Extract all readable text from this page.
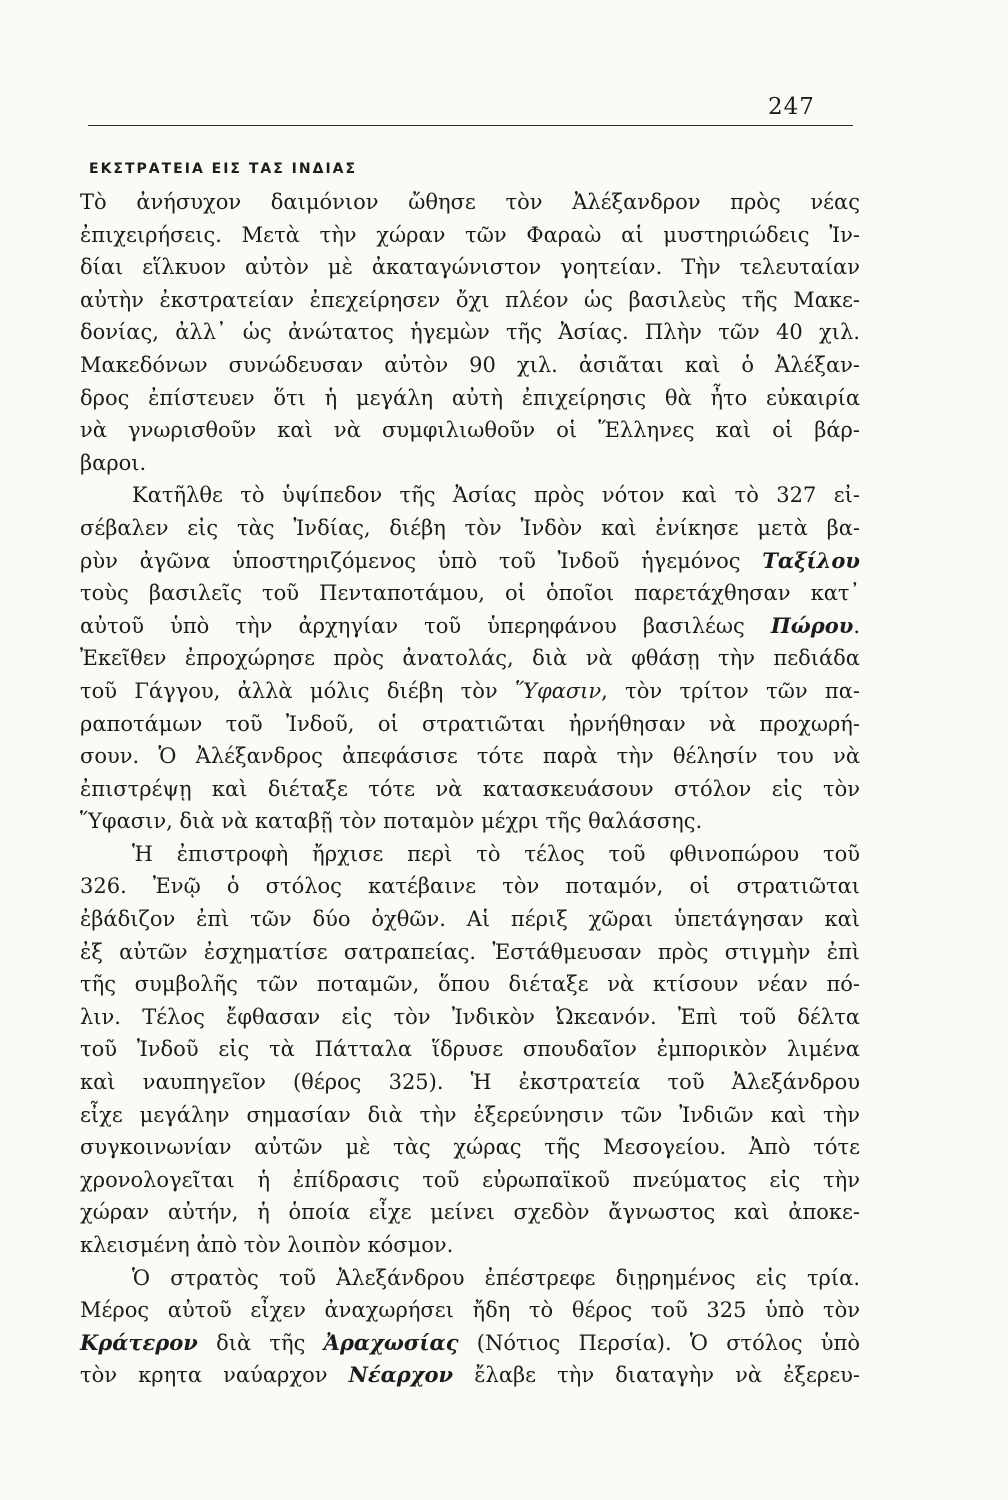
247
ΕΚΣΤΡΑΤΕΙΑ ΕΙΣ ΤΑΣ ΙΝΔΙΑΣ
Τὸ ἀνήσυχον δαιμόνιον ὤθησε τὸν Ἀλέξανδρον πρὸς νέας
ἐπιχειρήσεις. Μετὰ τὴν χώραν τῶν Φαραὼ αἱ μυστηριώδεις Ἰν-
δίαι εἵλκυον αὐτὸν μὲ ἀκαταγώνιστον γοητείαν. Τὴν τελευταίαν
αὐτὴν ἐκστρατείαν ἐπεχείρησεν ὄχι πλέον ὡς βασιλεὺς τῆς Μακε-
δονίας, ἀλλ᾽ ὡς ἀνώτατος ἡγεμὼν τῆς Ἀσίας. Πλὴν τῶν 40 χιλ.
Μακεδόνων συνώδευσαν αὐτὸν 90 χιλ. ἀσιᾶται καὶ ὁ Ἀλέξαν-
δρος ἐπίστευεν ὅτι ἡ μεγάλη αὐτὴ ἐπιχείρησις θὰ ἦτο εὐκαιρία
νὰ γνωρισθοῦν καὶ νὰ συμφιλιωθοῦν οἱ Ἕλληνες καὶ οἱ βάρ-
βαροι.
Κατῆλθε τὸ ὑψίπεδον τῆς Ἀσίας πρὸς νότον καὶ τὸ 327 εἰ-
σέβαλεν εἰς τὰς Ἰνδίας, διέβη τὸν Ἰνδὸν καὶ ἐνίκησε μετὰ βα-
ρὺν ἀγῶνα ὑποστηριζόμενος ὑπὸ τοῦ Ἰνδοῦ ἡγεμόνος Ταξίλου
τοὺς βασιλεῖς τοῦ Πενταποτάμου, οἱ ὁποῖοι παρετάχθησαν κατ᾽
αὐτοῦ ὑπὸ τὴν ἀρχηγίαν τοῦ ὑπερηφάνου βασιλέως Πώρου.
Ἐκεῖθεν ἐπροχώρησε πρὸς ἀνατολάς, διὰ νὰ φθάσῃ τὴν πεδιάδα
τοῦ Γάγγου, ἀλλὰ μόλις διέβη τὸν Ὕφασιν, τὸν τρίτον τῶν πα-
ραποτάμων τοῦ Ἰνδοῦ, οἱ στρατιῶται ἠρνήθησαν νὰ προχωρή-
σουν. Ὁ Ἀλέξανδρος ἀπεφάσισε τότε παρὰ τὴν θέλησίν του νὰ
ἐπιστρέψῃ καὶ διέταξε τότε νὰ κατασκευάσουν στόλον εἰς τὸν
Ὕφασιν, διὰ νὰ καταβῇ τὸν ποταμὸν μέχρι τῆς θαλάσσης.
Ἡ ἐπιστροφὴ ἤρχισε περὶ τὸ τέλος τοῦ φθινοπώρου τοῦ
326. Ἐνῷ ὁ στόλος κατέβαινε τὸν ποταμόν, οἱ στρατιῶται
ἐβάδιζον ἐπὶ τῶν δύο ὀχθῶν. Αἱ πέριξ χῶραι ὑπετάγησαν καὶ
ἐξ αὐτῶν ἐσχηματίσε σατραπείας. Ἐστάθμευσαν πρὸς στιγμὴν ἐπὶ
τῆς συμβολῆς τῶν ποταμῶν, ὅπου διέταξε νὰ κτίσουν νέαν πό-
λιν. Τέλος ἔφθασαν εἰς τὸν Ἰνδικὸν Ὠκεανόν. Ἐπὶ τοῦ δέλτα
τοῦ Ἰνδοῦ εἰς τὰ Πάτταλα ἵδρυσε σπουδαῖον ἐμπορικὸν λιμένα
καὶ ναυπηγεῖον (θέρος 325). Ἡ ἐκστρατεία τοῦ Ἀλεξάνδρου
εἶχε μεγάλην σημασίαν διὰ τὴν ἐξερεύνησιν τῶν Ἰνδιῶν καὶ τὴν
συγκοινωνίαν αὐτῶν μὲ τὰς χώρας τῆς Μεσογείου. Ἀπὸ τότε
χρονολογεῖται ἡ ἐπίδρασις τοῦ εὐρωπαϊκοῦ πνεύματος εἰς τὴν
χώραν αὐτήν, ἡ ὁποία εἶχε μείνει σχεδὸν ἄγνωστος καὶ ἀποκε-
κλεισμένη ἀπὸ τὸν λοιπὸν κόσμον.
Ὁ στρατὸς τοῦ Ἀλεξάνδρου ἐπέστρεφε διῃρημένος εἰς τρία.
Μέρος αὐτοῦ εἶχεν ἀναχωρήσει ἤδη τὸ θέρος τοῦ 325 ὑπὸ τὸν
Κράτερον διὰ τῆς Ἀραχωσίας (Νότιος Περσία). Ὁ στόλος ὑπὸ
τὸν κρητα ναύαρχον Νέαρχον ἔλαβε τὴν διαταγὴν νὰ ἐξερευ-
